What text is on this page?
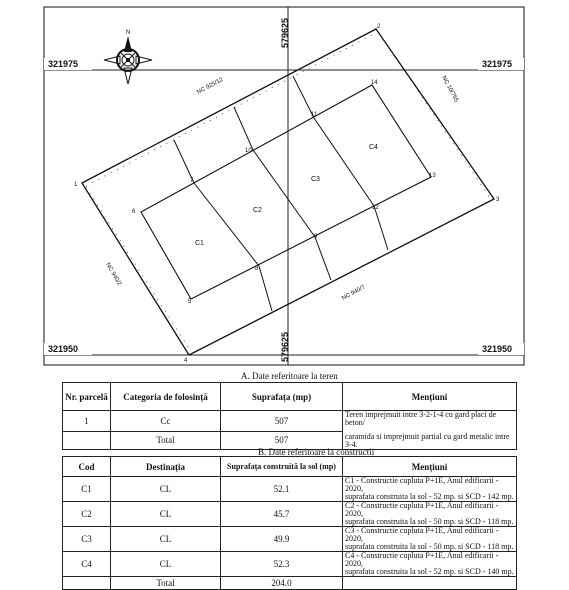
321975	321975
321950	321950
579625
579625
N
1
2
3
4
5
6
7
8
9
10
11
12
13
14
NC 925/12	NC 10/765
NC 940/2
NC 940/7
C1
C2
C3
C4
A. Date referitoare la teren
Nr. parcelă	Categoria de folosință	Suprafața (mp)	Mențiuni
1	Cc	507	Teren imprejmuit intre 3-2-1-4 cu gard placi de beton/
caramida si imprejmuit partial cu gard metalic intre 3-4.

	Total	507	
B. Date referitoare la constructii
Cod	Destinația	Suprafața construită la sol (mp)	Mențiuni
C1	CL	52.1	C1 - Constructie cupluta P+1E, Anul edificarii - 2020,
suprafata construita la sol - 52 mp. si SCD - 142 mp.

C2	CL	45.7	C2 - Constructie cupluta P+1E, Anul edificarii - 2020,
suprafata construita la sol - 50 mp. si SCD - 118 mp.

C3	CL	49.9	C3 - Constructie cupluta P+1E, Anul edificarii - 2020,
suprafata construita la sol - 50 mp. si SCD - 118 mp.

C4	CL	52.3	C4 - Constructie cupluta P+1E, Anul edificarii - 2020,
suprafata construita la sol - 52 mp. si SCD - 140 mp.

	Total	204.0	
